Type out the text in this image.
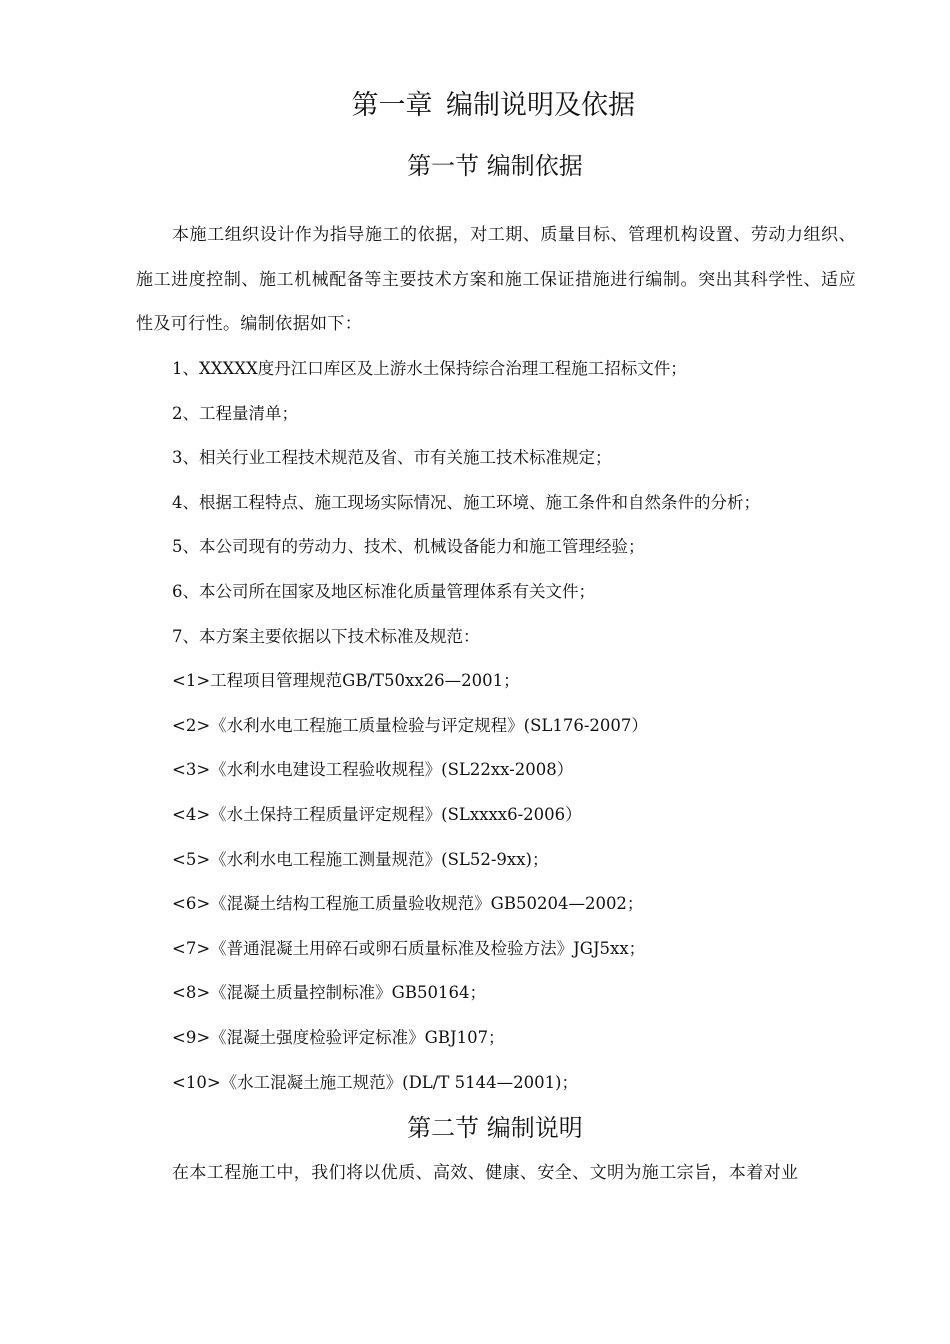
第一章 编制说明及依据 
第一节 编制依据

本施工组织设计作为指导施工的依据，对工期、质量目标、管理机构设置、劳动力组织、施工进度控制、施工机械配备等主要技术方案和施工保证措施进行编制。突出其科学性、适应性及可行性。编制依据如下：

1、XXXXX度丹江口库区及上游水土保持综合治理工程施工招标文件；
2、工程量清单；
3、相关行业工程技术规范及省、市有关施工技术标准规定；
4、根据工程特点、施工现场实际情况、施工环境、施工条件和自然条件的分析；
5、本公司现有的劳动力、技术、机械设备能力和施工管理经验；
6、本公司所在国家及地区标准化质量管理体系有关文件；
7、本方案主要依据以下技术标准及规范：
<1>工程项目管理规范GB/T50xx26—2001；
<2>《水利水电工程施工质量检验与评定规程》(SL176-2007）
<3>《水利水电建设工程验收规程》(SL22xx-2008）
<4>《水土保持工程质量评定规程》(SLxxxx6-2006）
<5>《水利水电工程施工测量规范》(SL52-9xx)；
<6>《混凝土结构工程施工质量验收规范》GB50204—2002；
<7>《普通混凝土用碎石或卵石质量标准及检验方法》JGJ5xx；
<8>《混凝土质量控制标准》GB50164；
<9>《混凝土强度检验评定标准》GBJ107；
<10>《水工混凝土施工规范》(DL/T 5144—2001)；
第二节 编制说明

在本工程施工中，我们将以优质、高效、健康、安全、文明为施工宗旨，本着对业
